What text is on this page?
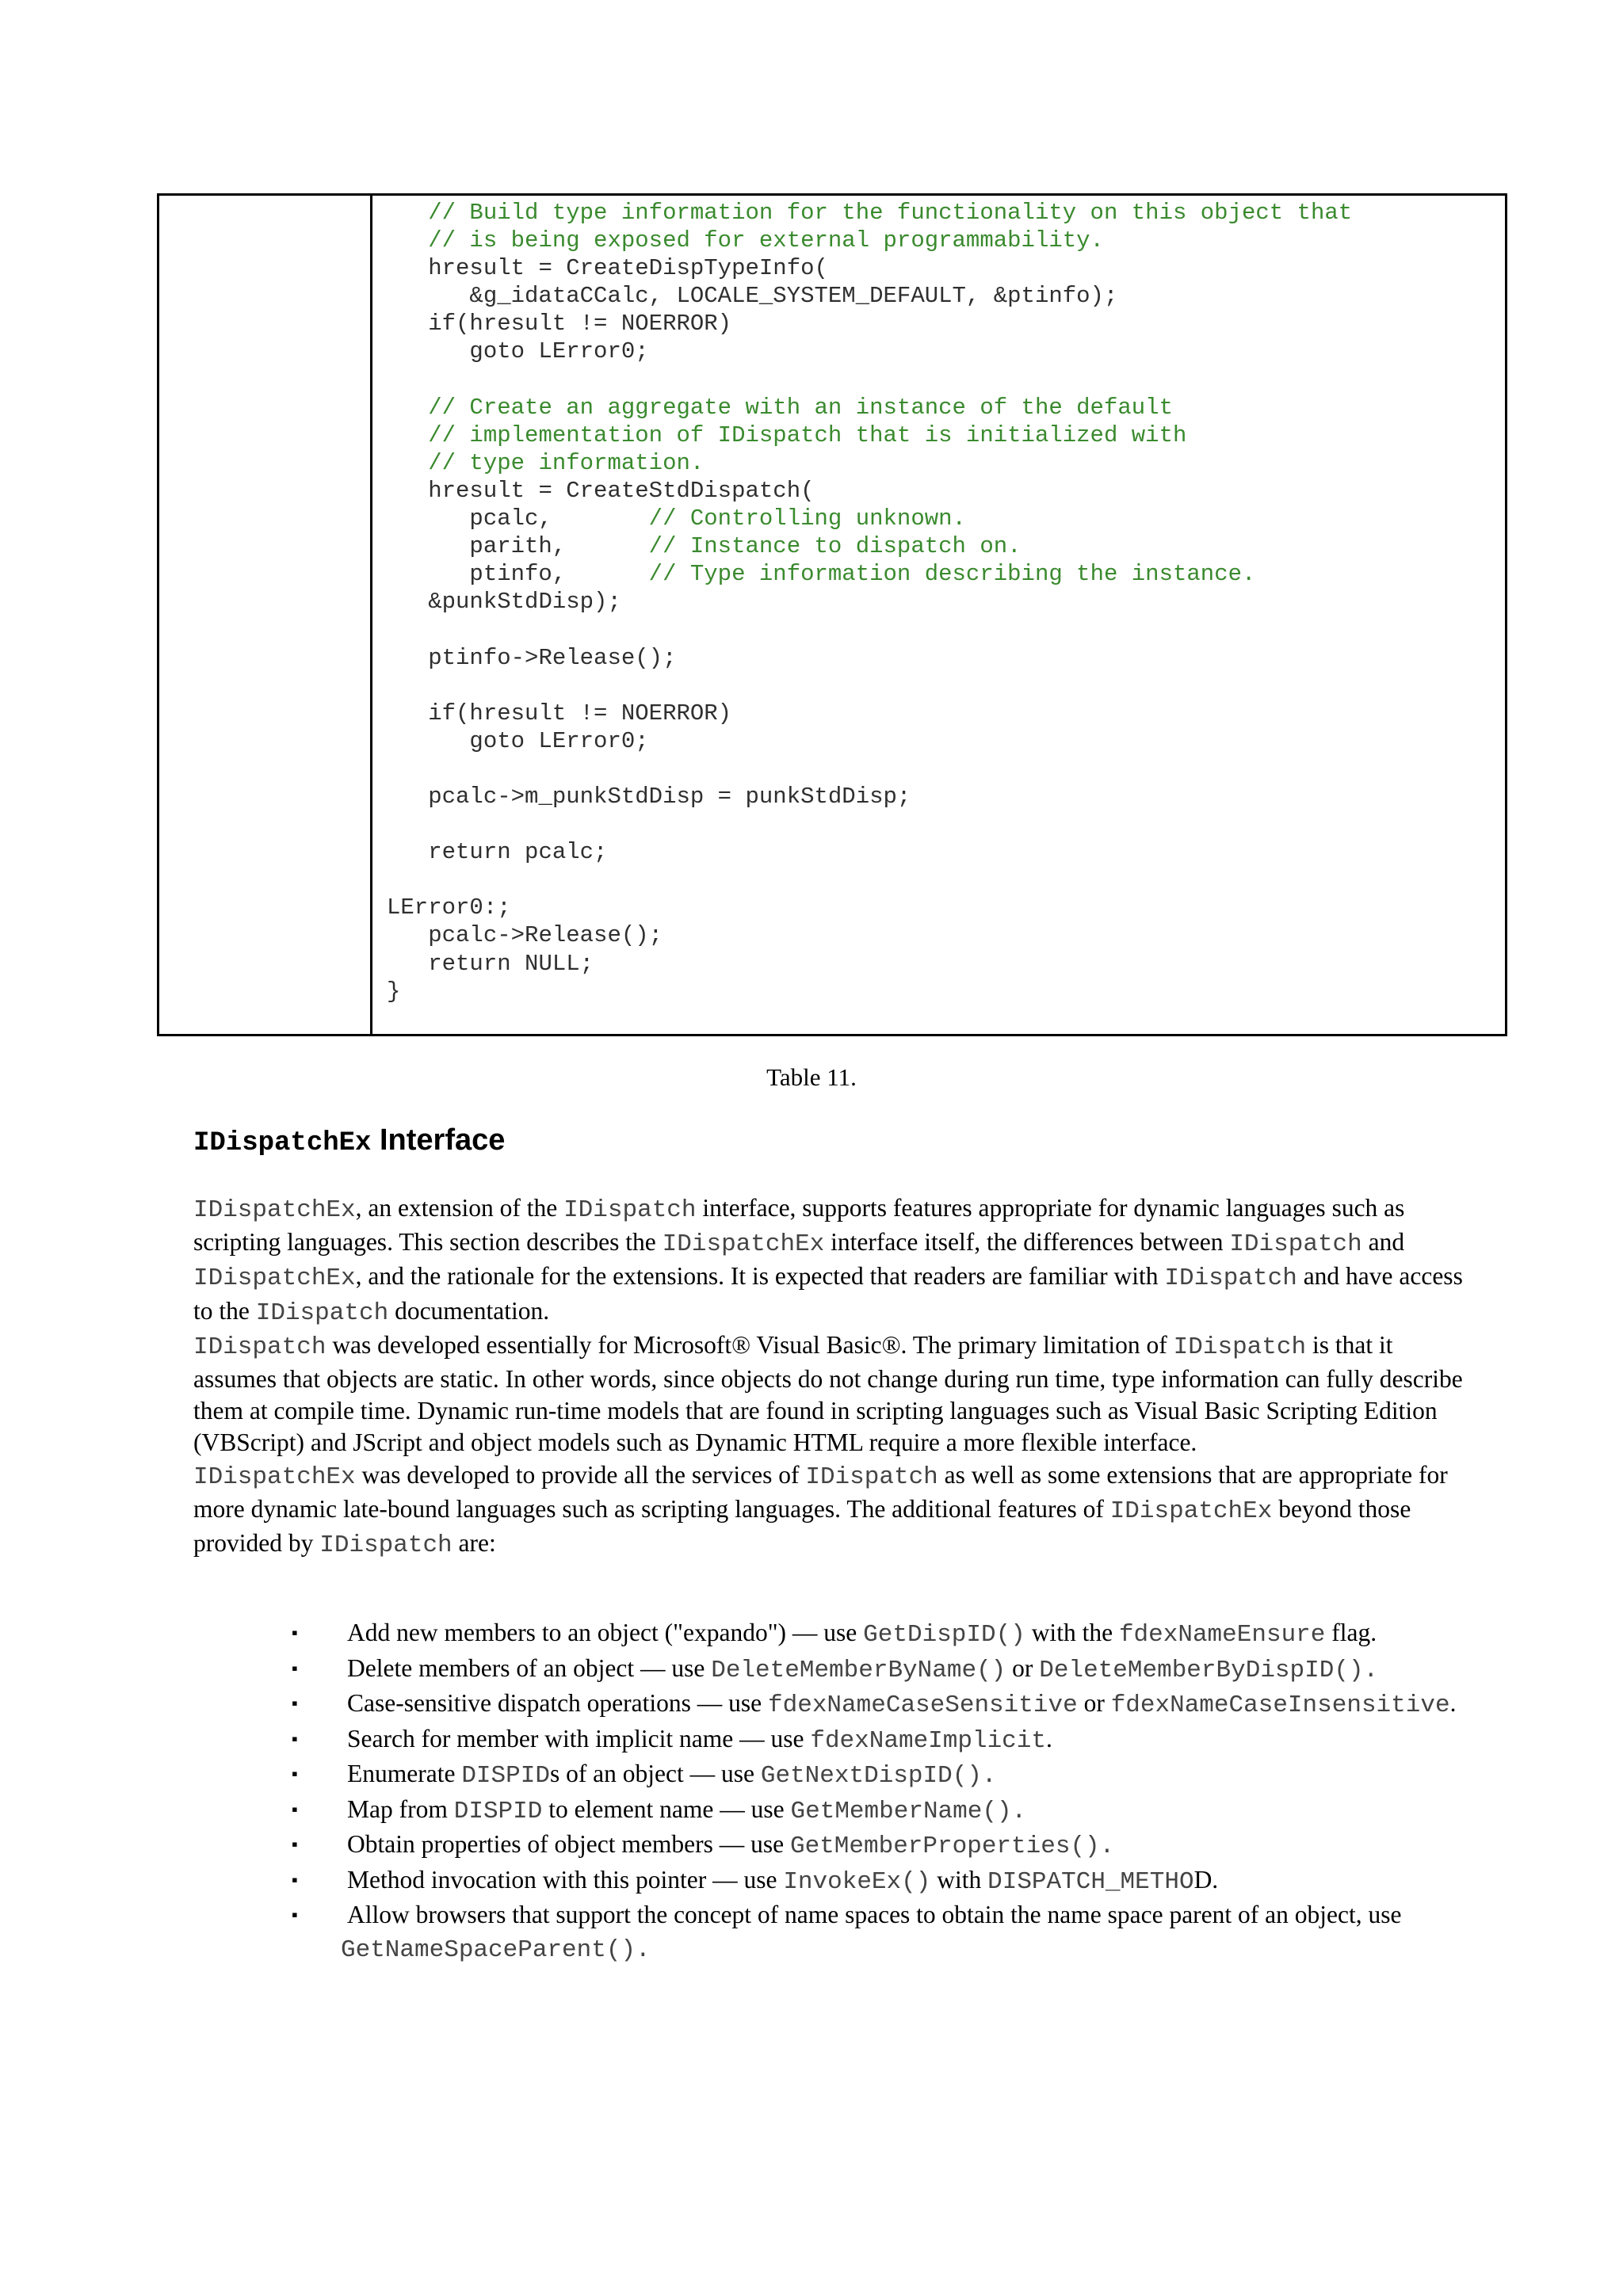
// Build type information for the functionality on this object that
// is being exposed for external programmability.
hresult = CreateDispTypeInfo(
&g_idataCCalc, LOCALE_SYSTEM_DEFAULT, &ptinfo);
if(hresult != NOERROR)
goto LError0;

// Create an aggregate with an instance of the default
// implementation of IDispatch that is initialized with
// type information.
hresult = CreateStdDispatch(
pcalc,       // Controlling unknown.
parith,      // Instance to dispatch on.
ptinfo,      // Type information describing the instance.
&punkStdDisp);

ptinfo->Release();

if(hresult != NOERROR)
goto LError0;

pcalc->m_punkStdDisp = punkStdDisp;

return pcalc;

LError0:;
pcalc->Release();
return NULL;
}
Table 11.
IDispatchEx Interface

IDispatchEx, an extension of the IDispatch interface, supports features appropriate for dynamic languages such as scripting languages. This section describes the IDispatchEx interface itself, the differences between IDispatch and IDispatchEx, and the rationale for the extensions. It is expected that readers are familiar with IDispatch and have access to the IDispatch documentation.

IDispatch was developed essentially for Microsoft® Visual Basic®. The primary limitation of IDispatch is that it assumes that objects are static. In other words, since objects do not change during run time, type information can fully describe them at compile time. Dynamic run-time models that are found in scripting languages such as Visual Basic Scripting Edition (VBScript) and JScript and object models such as Dynamic HTML require a more flexible interface.

IDispatchEx was developed to provide all the services of IDispatch as well as some extensions that are appropriate for more dynamic late-bound languages such as scripting languages. The additional features of IDispatchEx beyond those provided by IDispatch are:

▪ Add new members to an object ("expando") — use GetDispID() with the fdexNameEnsure flag.
▪ Delete members of an object — use DeleteMemberByName() or DeleteMemberByDispID().
▪ Case-sensitive dispatch operations — use fdexNameCaseSensitive or fdexNameCaseInsensitive.
▪ Search for member with implicit name — use fdexNameImplicit.
▪ Enumerate DISPIDs of an object — use GetNextDispID().
▪ Map from DISPID to element name — use GetMemberName().
▪ Obtain properties of object members — use GetMemberProperties().
▪ Method invocation with this pointer — use InvokeEx() with DISPATCH_METHOD.
▪ Allow browsers that support the concept of name spaces to obtain the name space parent of an object, use GetNameSpaceParent().
